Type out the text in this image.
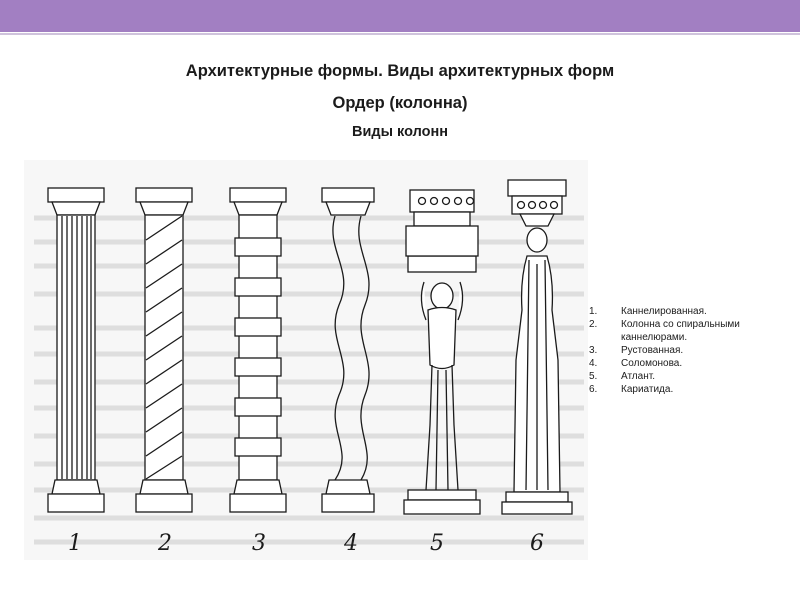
Архитектурные формы. Виды архитектурных форм
Ордер (колонна)
Виды колонн
1	2	3	4	5	6
1. Каннелированная.
2. Колонна со спиральными каннелюрами.
3. Рустованная.
4. Соломонова.
5. Атлант.
6. Кариатида.
